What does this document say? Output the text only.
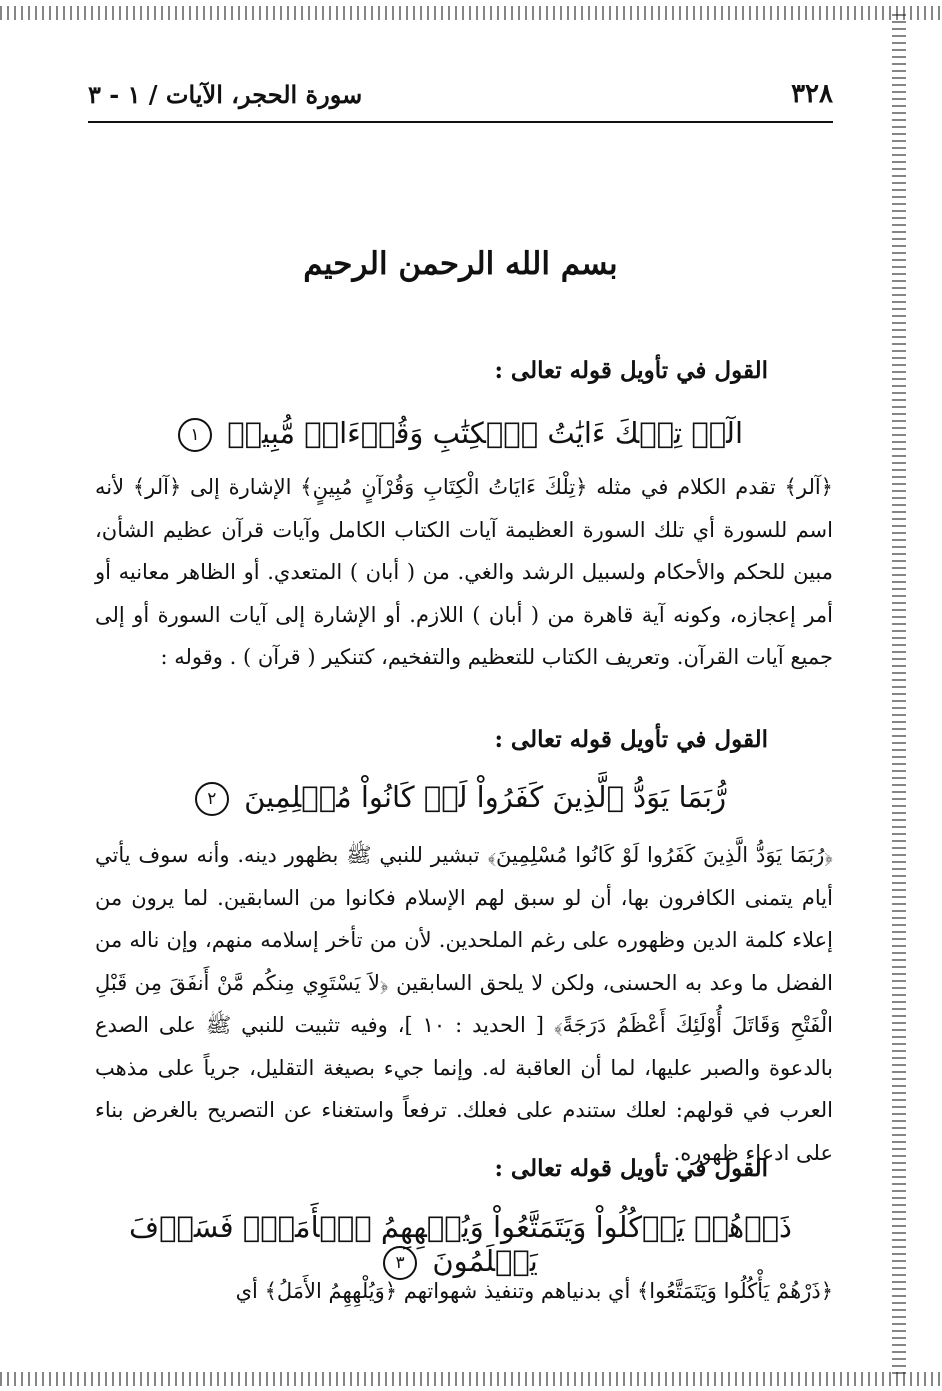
٣٢٨
سورة الحجر، الآيات / ١ - ٣
بسم الله الرحمن الرحيم
القول في تأويل قوله تعالى :
الٓرۚ تِلۡكَ ءَايَٰتُ ٱلۡكِتَٰبِ وَقُرۡءَانٖ مُّبِينٖ ١

﴿آلر﴾ تقدم الكلام في مثله ﴿تِلْكَ ءَايَاتُ الْكِتَابِ وَقُرْآنٍ مُبِينٍ﴾ الإشارة إلى ﴿آلر﴾ لأنه اسم للسورة أي تلك السورة العظيمة آيات الكتاب الكامل وآيات قرآن عظيم الشأن، مبين للحكم والأحكام ولسبيل الرشد والغي. من ( أبان ) المتعدي. أو الظاهر معانيه أو أمر إعجازه، وكونه آية قاهرة من ( أبان ) اللازم. أو الإشارة إلى آيات السورة أو إلى جميع آيات القرآن. وتعريف الكتاب للتعظيم والتفخيم، كتنكير ( قرآن ) . وقوله :

القول في تأويل قوله تعالى :
رُّبَمَا يَوَدُّ ٱلَّذِينَ كَفَرُواْ لَوۡ كَانُواْ مُسۡلِمِينَ ٢

﴿رُبَمَا يَوَدُّ الَّذِينَ كَفَرُوا لَوْ كَانُوا مُسْلِمِينَ﴾ تبشير للنبي ﷺ بظهور دينه. وأنه سوف يأتي أيام يتمنى الكافرون بها، أن لو سبق لهم الإسلام فكانوا من السابقين. لما يرون من إعلاء كلمة الدين وظهوره على رغم الملحدين. لأن من تأخر إسلامه منهم، وإن ناله من الفضل ما وعد به الحسنى، ولكن لا يلحق السابقين ﴿لاَ يَسْتَوِي مِنكُم مَّنْ أَنفَقَ مِن قَبْلِ الْفَتْحِ وَقَاتَلَ أُوْلَئِكَ أَعْظَمُ دَرَجَةً﴾ [ الحديد : ١٠ ]، وفيه تثبيت للنبي ﷺ على الصدع بالدعوة والصبر عليها، لما أن العاقبة له. وإنما جيء بصيغة التقليل، جرياً على مذهب العرب في قولهم: لعلك ستندم على فعلك. ترفعاً واستغناء عن التصريح بالغرض بناء على ادعاء ظهوره.

القول في تأويل قوله تعالى :
ذَرۡهُمۡ يَأۡكُلُواْ وَيَتَمَتَّعُواْ وَيُلۡهِهِمُ ٱلۡأَمَلُۖ فَسَوۡفَ يَعۡلَمُونَ ٣

﴿ذَرْهُمْ يَأْكُلُوا وَيَتَمَتَّعُوا﴾ أي بدنياهم وتنفيذ شهواتهم ﴿وَيُلْهِهِمُ الأَمَلُ﴾ أي
